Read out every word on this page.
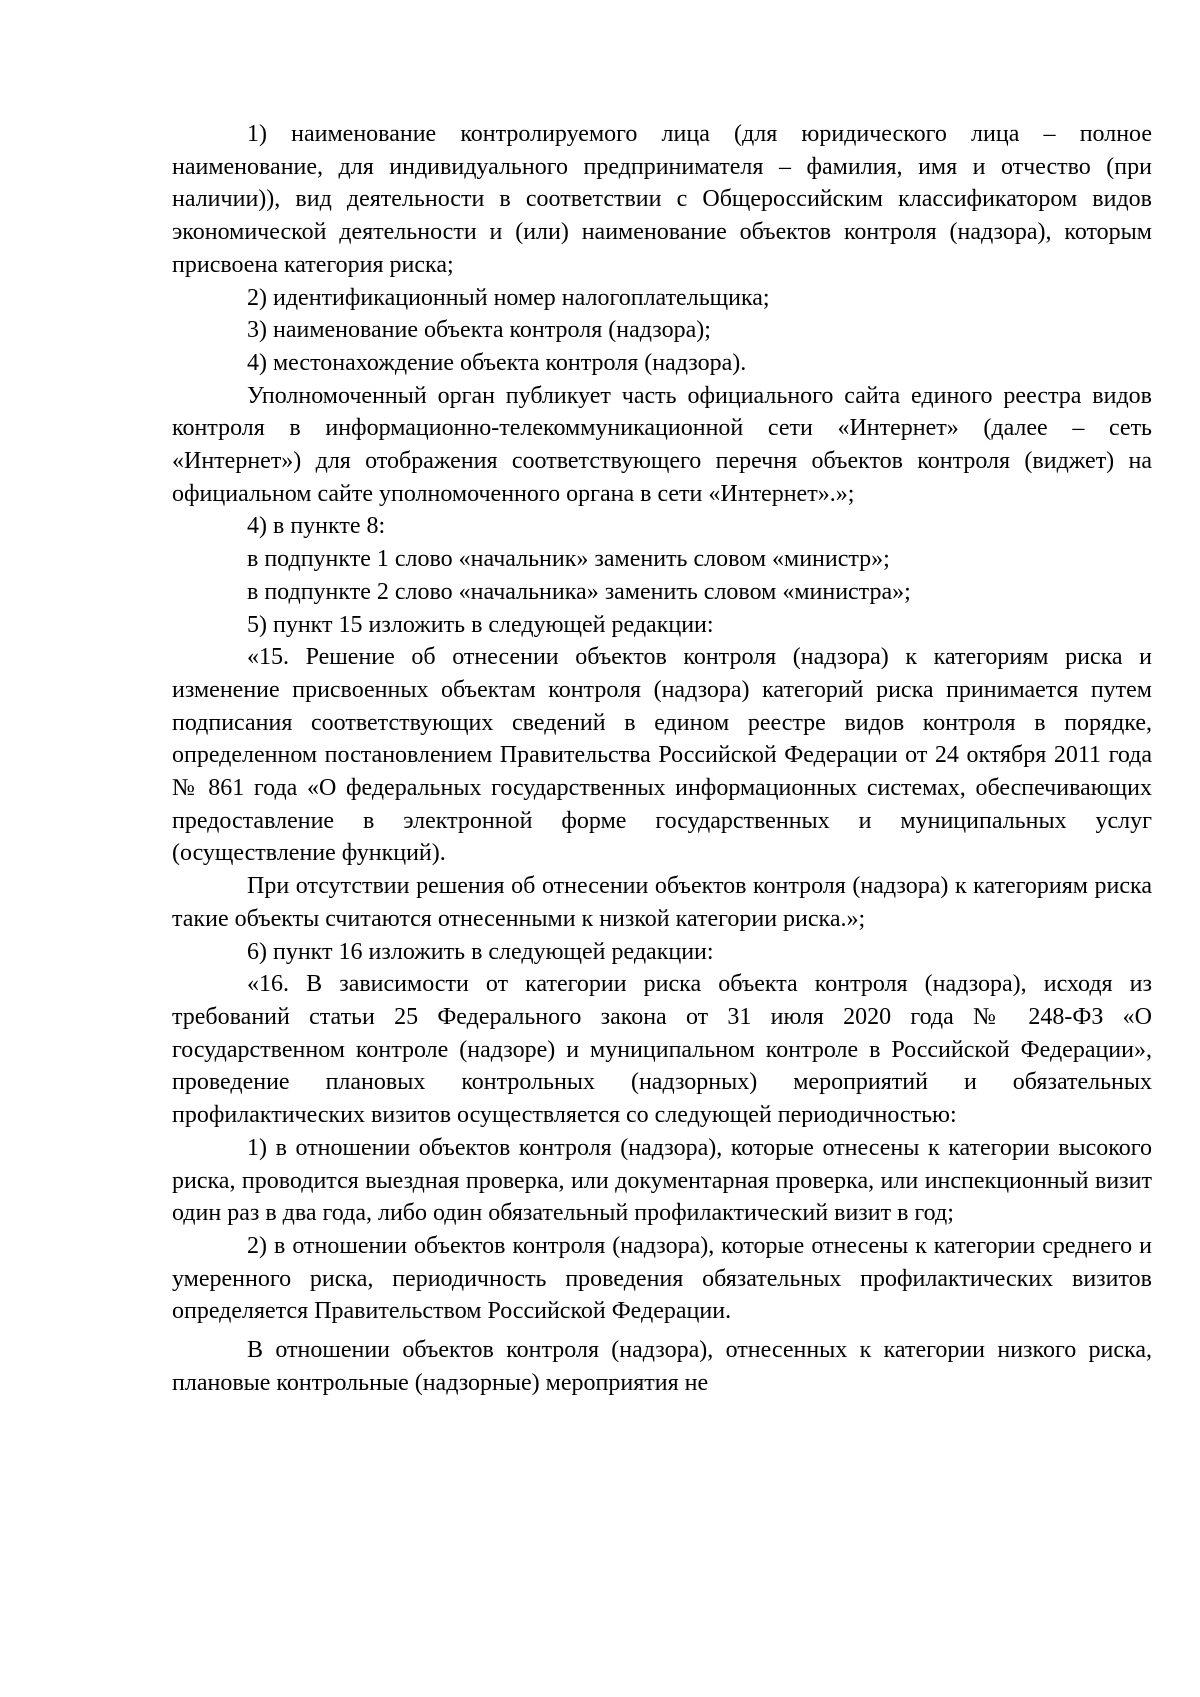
1) наименование контролируемого лица (для юридического лица – полное наименование, для индивидуального предпринимателя – фамилия, имя и отчество (при наличии)), вид деятельности в соответствии с Общероссийским классификатором видов экономической деятельности и (или) наименование объектов контроля (надзора), которым присвоена категория риска;

2) идентификационный номер налогоплательщика;

3) наименование объекта контроля (надзора);

4) местонахождение объекта контроля (надзора).

Уполномоченный орган публикует часть официального сайта единого реестра видов контроля в информационно-телекоммуникационной сети «Интернет» (далее – сеть «Интернет») для отображения соответствующего перечня объектов контроля (виджет) на официальном сайте уполномоченного органа в сети «Интернет».»;

4) в пункте 8:

в подпункте 1 слово «начальник» заменить словом «министр»;

в подпункте 2 слово «начальника» заменить словом «министра»;

5) пункт 15 изложить в следующей редакции:

«15. Решение об отнесении объектов контроля (надзора) к категориям риска и изменение присвоенных объектам контроля (надзора) категорий риска принимается путем подписания соответствующих сведений в едином реестре видов контроля в порядке, определенном постановлением Правительства Российской Федерации от 24 октября 2011 года № 861 года «О федеральных государственных информационных системах, обеспечивающих предоставление в электронной форме государственных и муниципальных услуг (осуществление функций).

При отсутствии решения об отнесении объектов контроля (надзора) к категориям риска такие объекты считаются отнесенными к низкой категории риска.»;

6) пункт 16 изложить в следующей редакции:

«16. В зависимости от категории риска объекта контроля (надзора), исходя из требований статьи 25 Федерального закона от 31 июля 2020 года № 248-ФЗ «О государственном контроле (надзоре) и муниципальном контроле в Российской Федерации», проведение плановых контрольных (надзорных) мероприятий и обязательных профилактических визитов осуществляется со следующей периодичностью:

1) в отношении объектов контроля (надзора), которые отнесены к категории высокого риска, проводится выездная проверка, или документарная проверка, или инспекционный визит один раз в два года, либо один обязательный профилактический визит в год;

2) в отношении объектов контроля (надзора), которые отнесены к категории среднего и умеренного риска, периодичность проведения обязательных профилактических визитов определяется Правительством Российской Федерации.

В отношении объектов контроля (надзора), отнесенных к категории низкого риска, плановые контрольные (надзорные) мероприятия не
